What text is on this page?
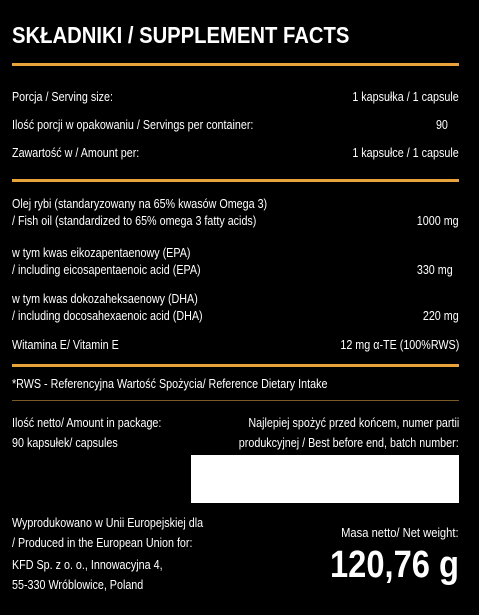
SKŁADNIKI / SUPPLEMENT FACTS
Porcja / Serving size:	1 kapsułka / 1 capsule
Ilość porcji w opakowaniu / Servings per container:	90
Zawartość w / Amount per:	1 kapsułce / 1 capsule
Olej rybi (standaryzowany na 65% kwasów Omega 3)
/ Fish oil (standardized to 65% omega 3 fatty acids)	1000 mg
w tym kwas eikozapentaenowy (EPA)
/ including eicosapentaenoic acid (EPA)	330 mg
w tym kwas dokozaheksaenowy (DHA)
/ including docosahexaenoic acid (DHA)	220 mg
Witamina E/ Vitamin E	12 mg α-TE (100%RWS)
*RWS - Referencyjna Wartość Spożycia/ Reference Dietary Intake
Ilość netto/ Amount in package:
90 kapsułek/ capsules
Najlepiej spożyć przed końcem, numer partii
produkcyjnej / Best before end, batch number:
Wyprodukowano w Unii Europejskiej dla
/ Produced in the European Union for:
KFD Sp. z o. o., Innowacyjna 4,
55-330 Wróblowice, Poland
Masa netto/ Net weight:
120,76 g
